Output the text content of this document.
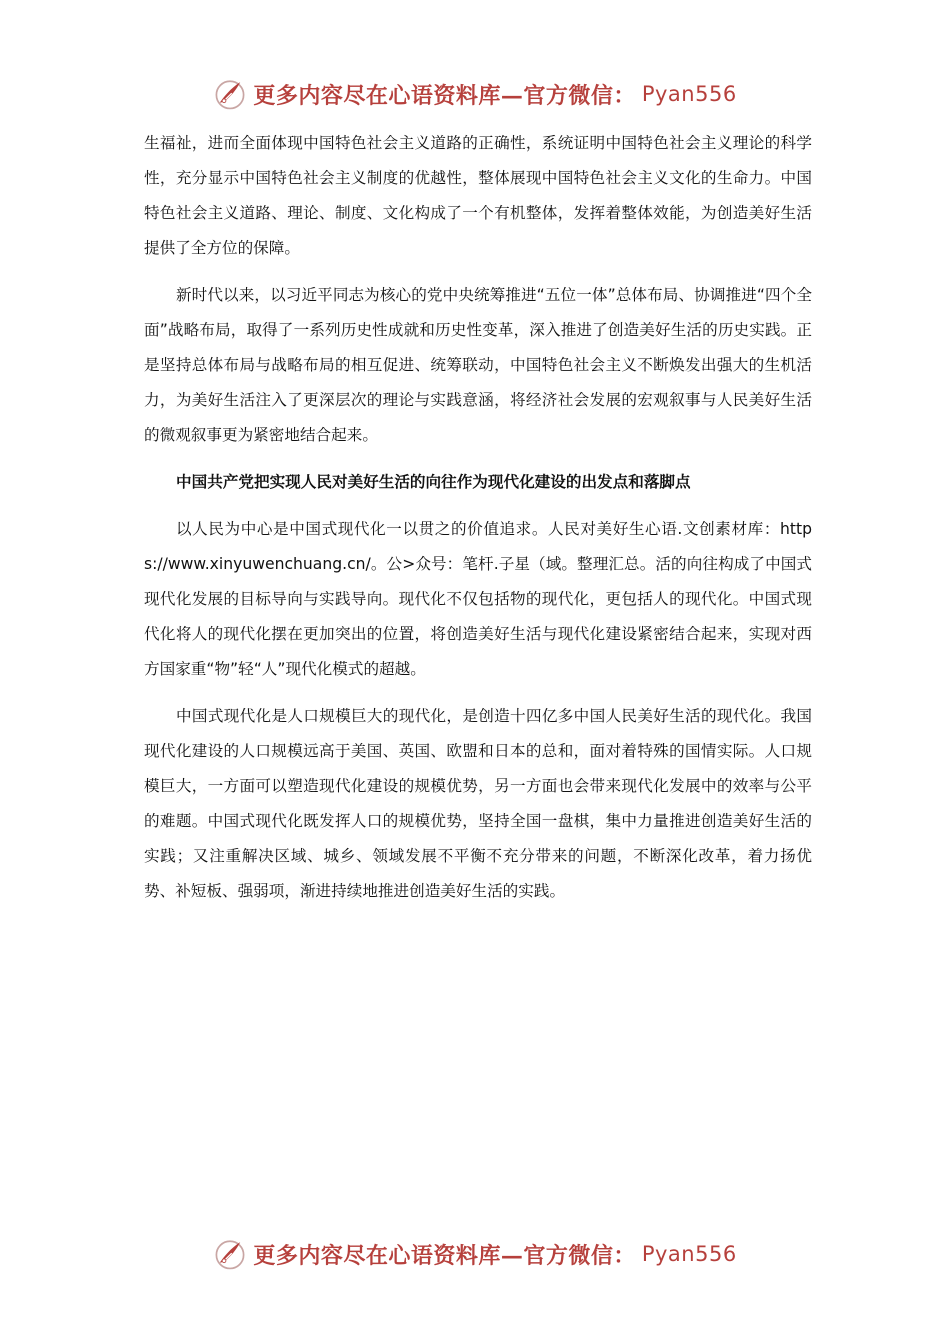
更多内容尽在心语资料库—官方微信： Pyan556

生福祉，进而全面体现中国特色社会主义道路的正确性，系统证明中国特色社会主义理论的科学性，充分显示中国特色社会主义制度的优越性，整体展现中国特色社会主义文化的生命力。中国特色社会主义道路、理论、制度、文化构成了一个有机整体，发挥着整体效能，为创造美好生活提供了全方位的保障。

新时代以来，以习近平同志为核心的党中央统筹推进“五位一体”总体布局、协调推进“四个全面”战略布局，取得了一系列历史性成就和历史性变革，深入推进了创造美好生活的历史实践。正是坚持总体布局与战略布局的相互促进、统筹联动，中国特色社会主义不断焕发出强大的生机活力，为美好生活注入了更深层次的理论与实践意涵，将经济社会发展的宏观叙事与人民美好生活的微观叙事更为紧密地结合起来。

中国共产党把实现人民对美好生活的向往作为现代化建设的出发点和落脚点

以人民为中心是中国式现代化一以贯之的价值追求。人民对美好生心语.文创素材库：https://www.xinyuwenchuang.cn/。公>众号：笔杆.子星（域。整理汇总。活的向往构成了中国式现代化发展的目标导向与实践导向。现代化不仅包括物的现代化，更包括人的现代化。中国式现代化将人的现代化摆在更加突出的位置，将创造美好生活与现代化建设紧密结合起来，实现对西方国家重“物”轻“人”现代化模式的超越。

中国式现代化是人口规模巨大的现代化，是创造十四亿多中国人民美好生活的现代化。我国现代化建设的人口规模远高于美国、英国、欧盟和日本的总和，面对着特殊的国情实际。人口规模巨大，一方面可以塑造现代化建设的规模优势，另一方面也会带来现代化发展中的效率与公平的难题。中国式现代化既发挥人口的规模优势，坚持全国一盘棋，集中力量推进创造美好生活的实践；又注重解决区域、城乡、领域发展不平衡不充分带来的问题，不断深化改革，着力扬优势、补短板、强弱项，渐进持续地推进创造美好生活的实践。

更多内容尽在心语资料库—官方微信： Pyan556
